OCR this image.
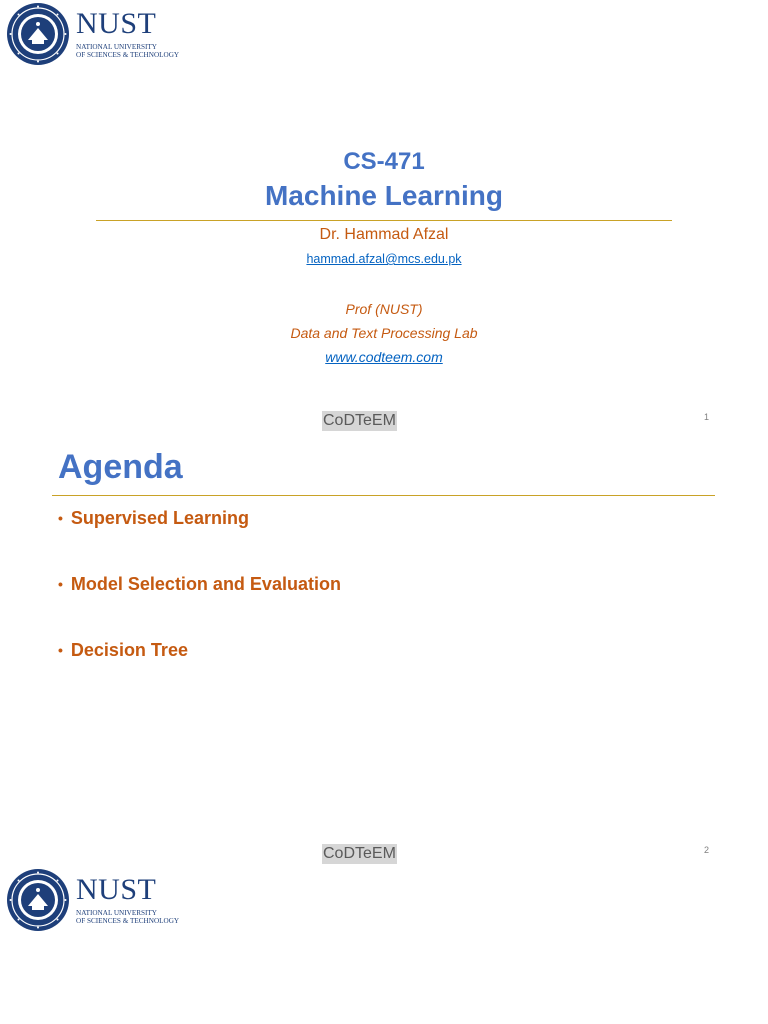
NUST
NATIONAL UNIVERSITY
OF SCIENCES & TECHNOLOGY
CS-471
Machine Learning
Dr. Hammad Afzal
hammad.afzal@mcs.edu.pk
Prof (NUST)
Data and Text Processing Lab
www.codteem.com
CoDTeEM	1
Agenda
• Supervised Learning
• Model Selection and Evaluation
• Decision Tree
CoDTeEM	2
NUST
NATIONAL UNIVERSITY
OF SCIENCES & TECHNOLOGY
